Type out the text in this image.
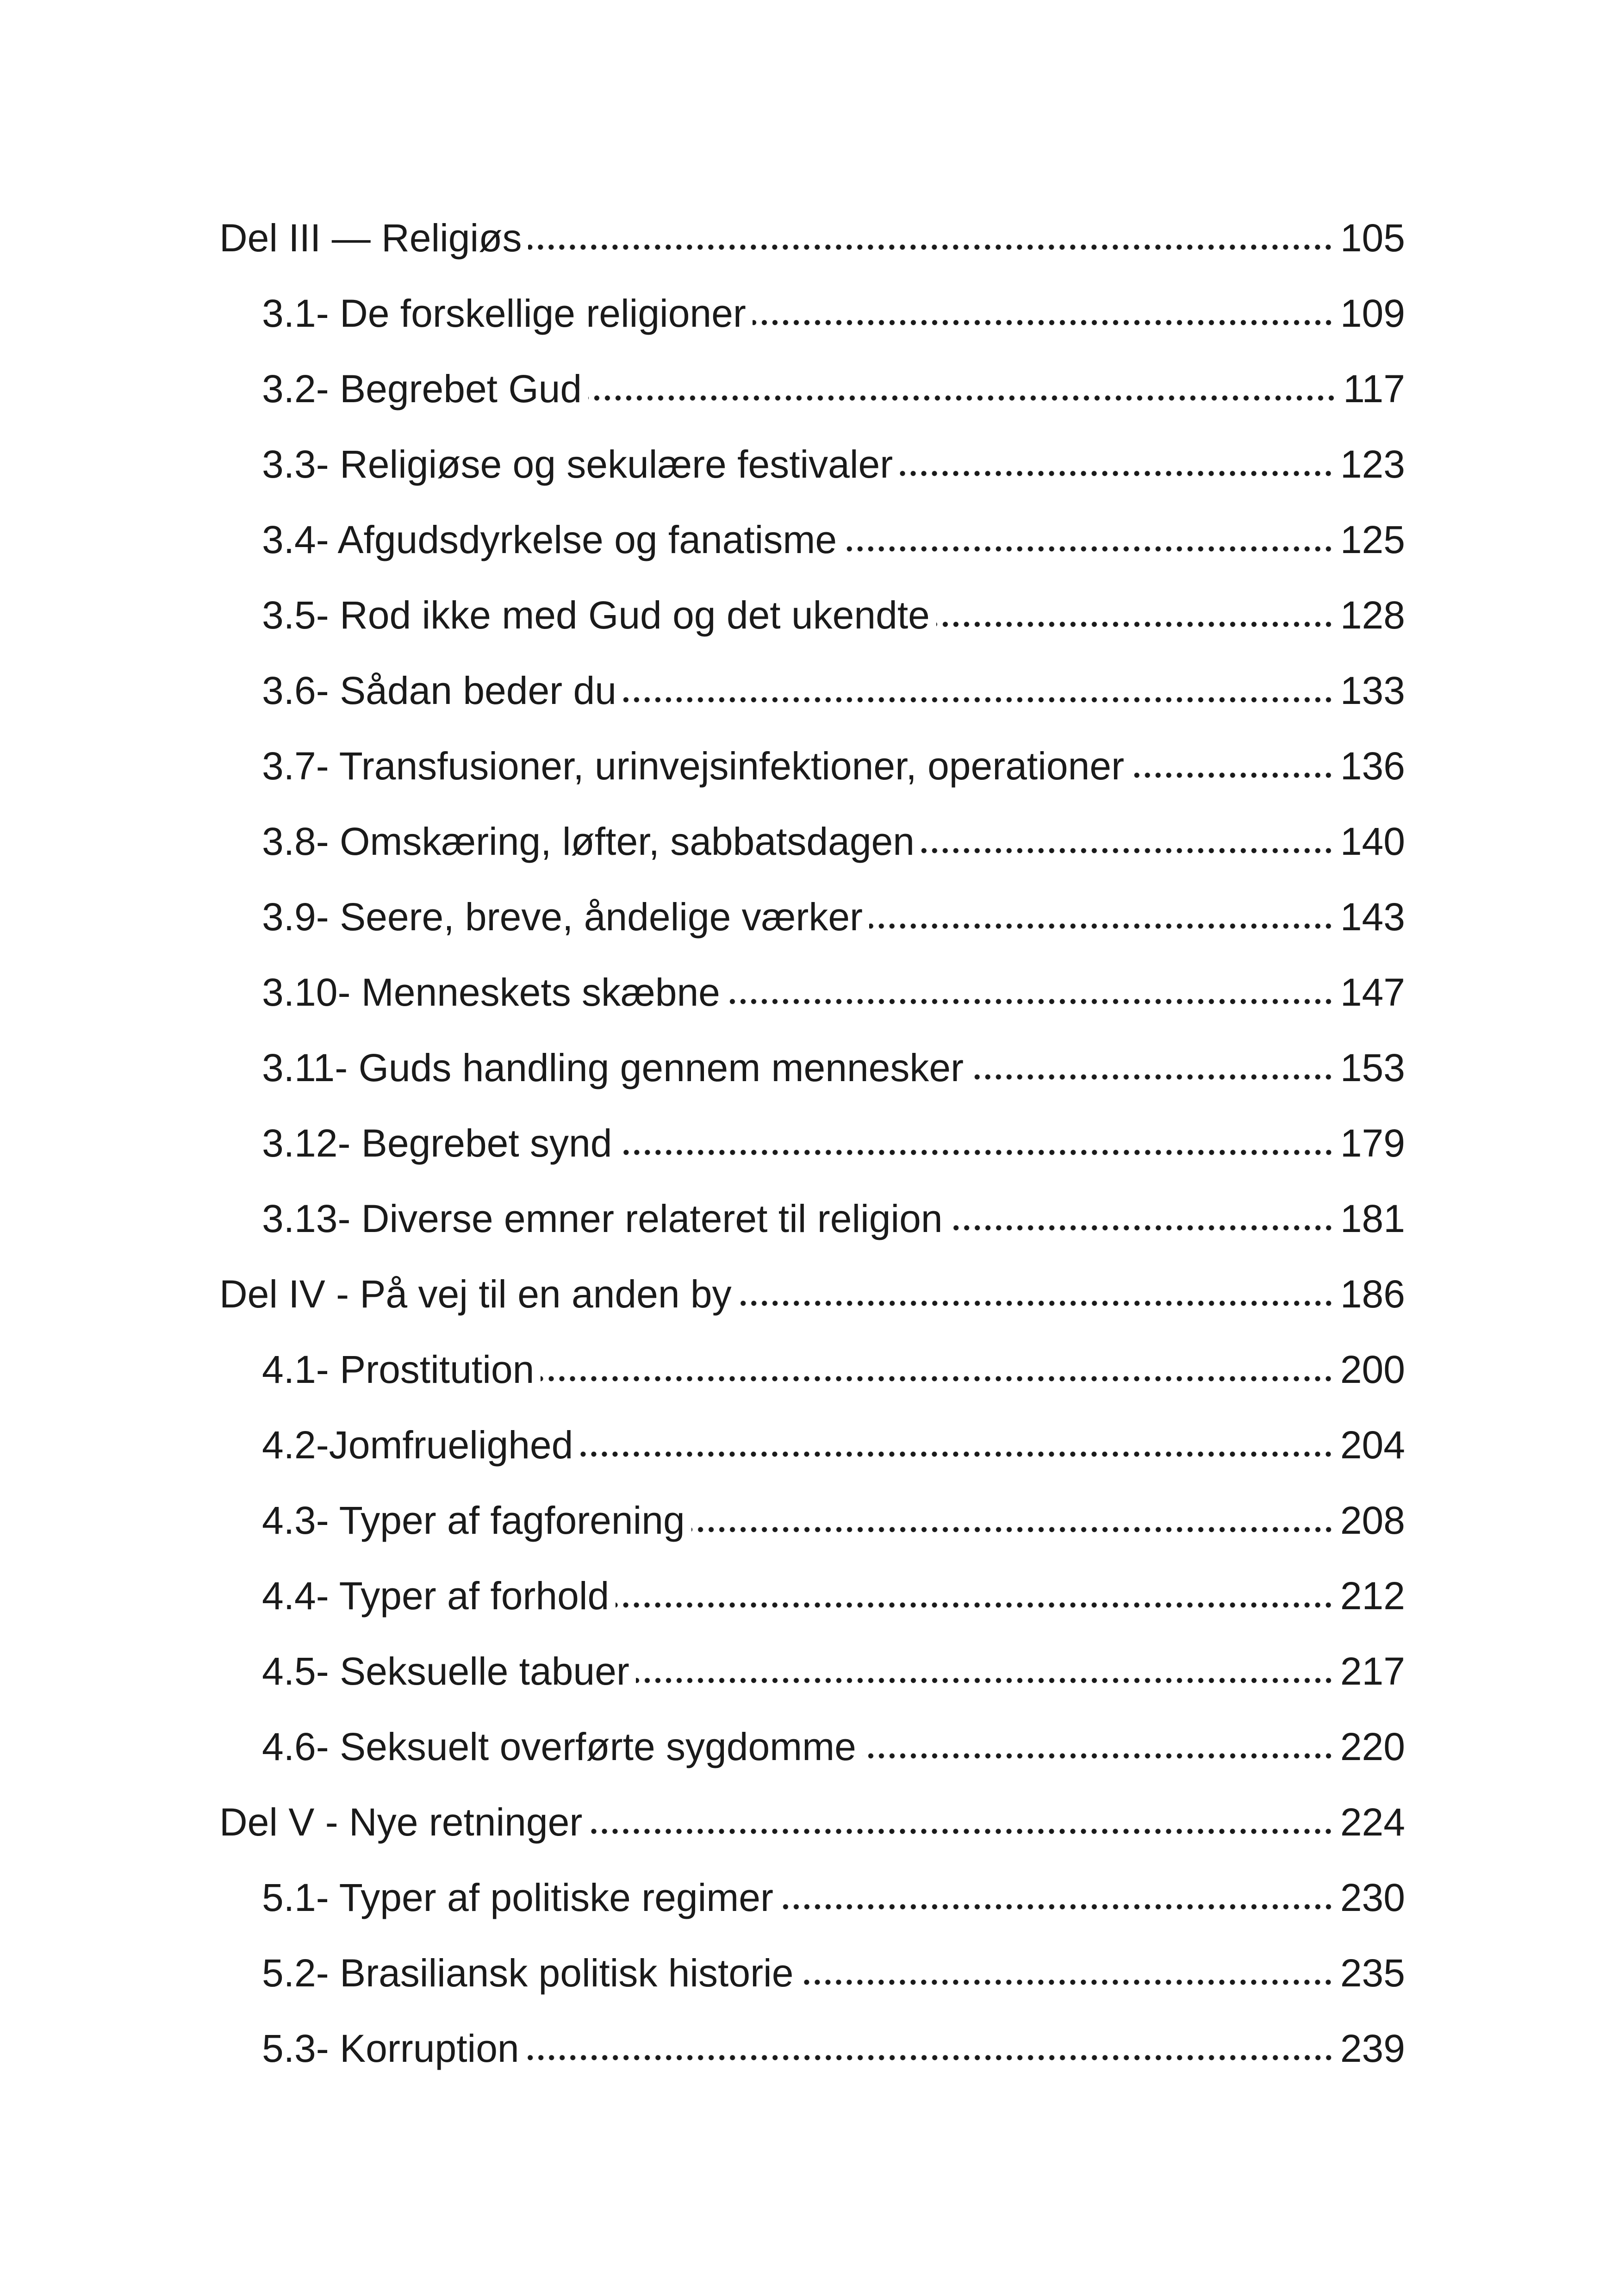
Del III — Religiøs	105
3.1- De forskellige religioner	109
3.2- Begrebet Gud	117
3.3- Religiøse og sekulære festivaler	123
3.4- Afgudsdyrkelse og fanatisme	125
3.5- Rod ikke med Gud og det ukendte	128
3.6- Sådan beder du	133
3.7- Transfusioner, urinvejsinfektioner, operationer	136
3.8- Omskæring, løfter, sabbatsdagen	140
3.9- Seere, breve, åndelige værker	143
3.10- Menneskets skæbne	147
3.11- Guds handling gennem mennesker	153
3.12- Begrebet synd	179
3.13- Diverse emner relateret til religion	181
Del IV - På vej til en anden by	186
4.1- Prostitution	200
4.2-Jomfruelighed	204
4.3- Typer af fagforening	208
4.4- Typer af forhold	212
4.5- Seksuelle tabuer	217
4.6- Seksuelt overførte sygdomme	220
Del V - Nye retninger	224
5.1- Typer af politiske regimer	230
5.2- Brasiliansk politisk historie	235
5.3- Korruption	239
